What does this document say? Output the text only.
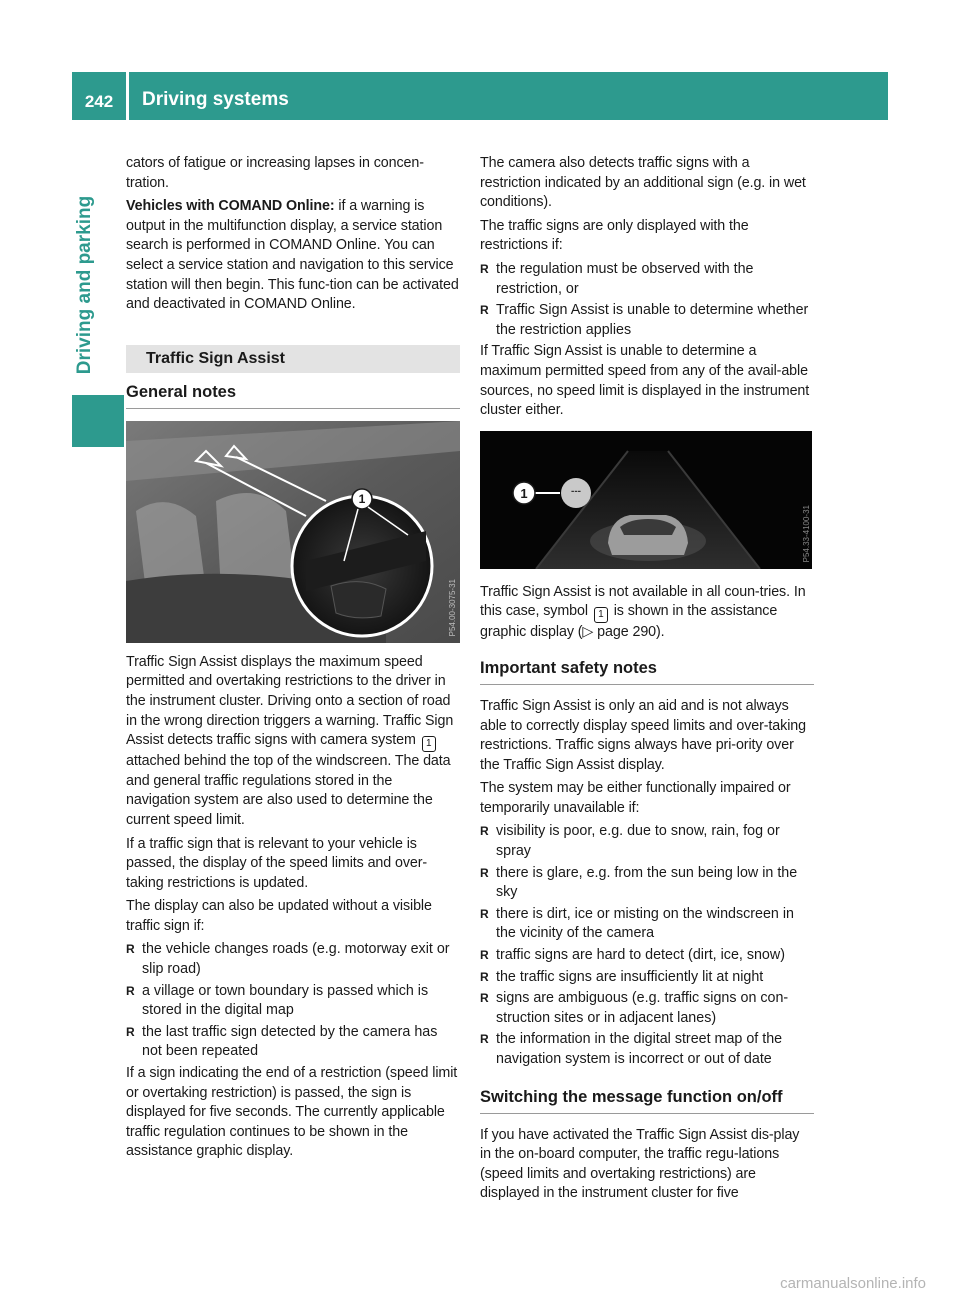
242	Driving systems
Driving and parking

cators of fatigue or increasing lapses in concen-tration.

Vehicles with COMAND Online: if a warning is output in the multifunction display, a service station search is performed in COMAND Online. You can select a service station and navigation to this service station will then begin. This func-tion can be activated and deactivated in COMAND Online.

Traffic Sign Assist
General notes
1
P54.00-3075-31

Traffic Sign Assist displays the maximum speed permitted and overtaking restrictions to the driver in the instrument cluster. Driving onto a section of road in the wrong direction triggers a warning. Traffic Sign Assist detects traffic signs with camera system 1 attached behind the top of the windscreen. The data and general traffic regulations stored in the navigation system are also used to determine the current speed limit.

If a traffic sign that is relevant to your vehicle is passed, the display of the speed limits and over-taking restrictions is updated.

The display can also be updated without a visible traffic sign if:

R the vehicle changes roads (e.g. motorway exit or slip road)
R a village or town boundary is passed which is stored in the digital map
R the last traffic sign detected by the camera has not been repeated

If a sign indicating the end of a restriction (speed limit or overtaking restriction) is passed, the sign is displayed for five seconds. The currently applicable traffic regulation continues to be shown in the assistance graphic display.

The camera also detects traffic signs with a restriction indicated by an additional sign (e.g. in wet conditions).

The traffic signs are only displayed with the restrictions if:

R the regulation must be observed with the restriction, or
R Traffic Sign Assist is unable to determine whether the restriction applies

If Traffic Sign Assist is unable to determine a maximum permitted speed from any of the avail-able sources, no speed limit is displayed in the instrument cluster either.

---
1
P54.33-4100-31

Traffic Sign Assist is not available in all coun-tries. In this case, symbol 1 is shown in the assistance graphic display (▷ page 290).

Important safety notes

Traffic Sign Assist is only an aid and is not always able to correctly display speed limits and over-taking restrictions. Traffic signs always have pri-ority over the Traffic Sign Assist display.

The system may be either functionally impaired or temporarily unavailable if:

R visibility is poor, e.g. due to snow, rain, fog or spray
R there is glare, e.g. from the sun being low in the sky
R there is dirt, ice or misting on the windscreen in the vicinity of the camera
R traffic signs are hard to detect (dirt, ice, snow)
R the traffic signs are insufficiently lit at night
R signs are ambiguous (e.g. traffic signs on con-struction sites or in adjacent lanes)
R the information in the digital street map of the navigation system is incorrect or out of date
Switching the message function on/off

If you have activated the Traffic Sign Assist dis-play in the on-board computer, the traffic regu-lations (speed limits and overtaking restrictions) are displayed in the instrument cluster for five

carmanualsonline.info
